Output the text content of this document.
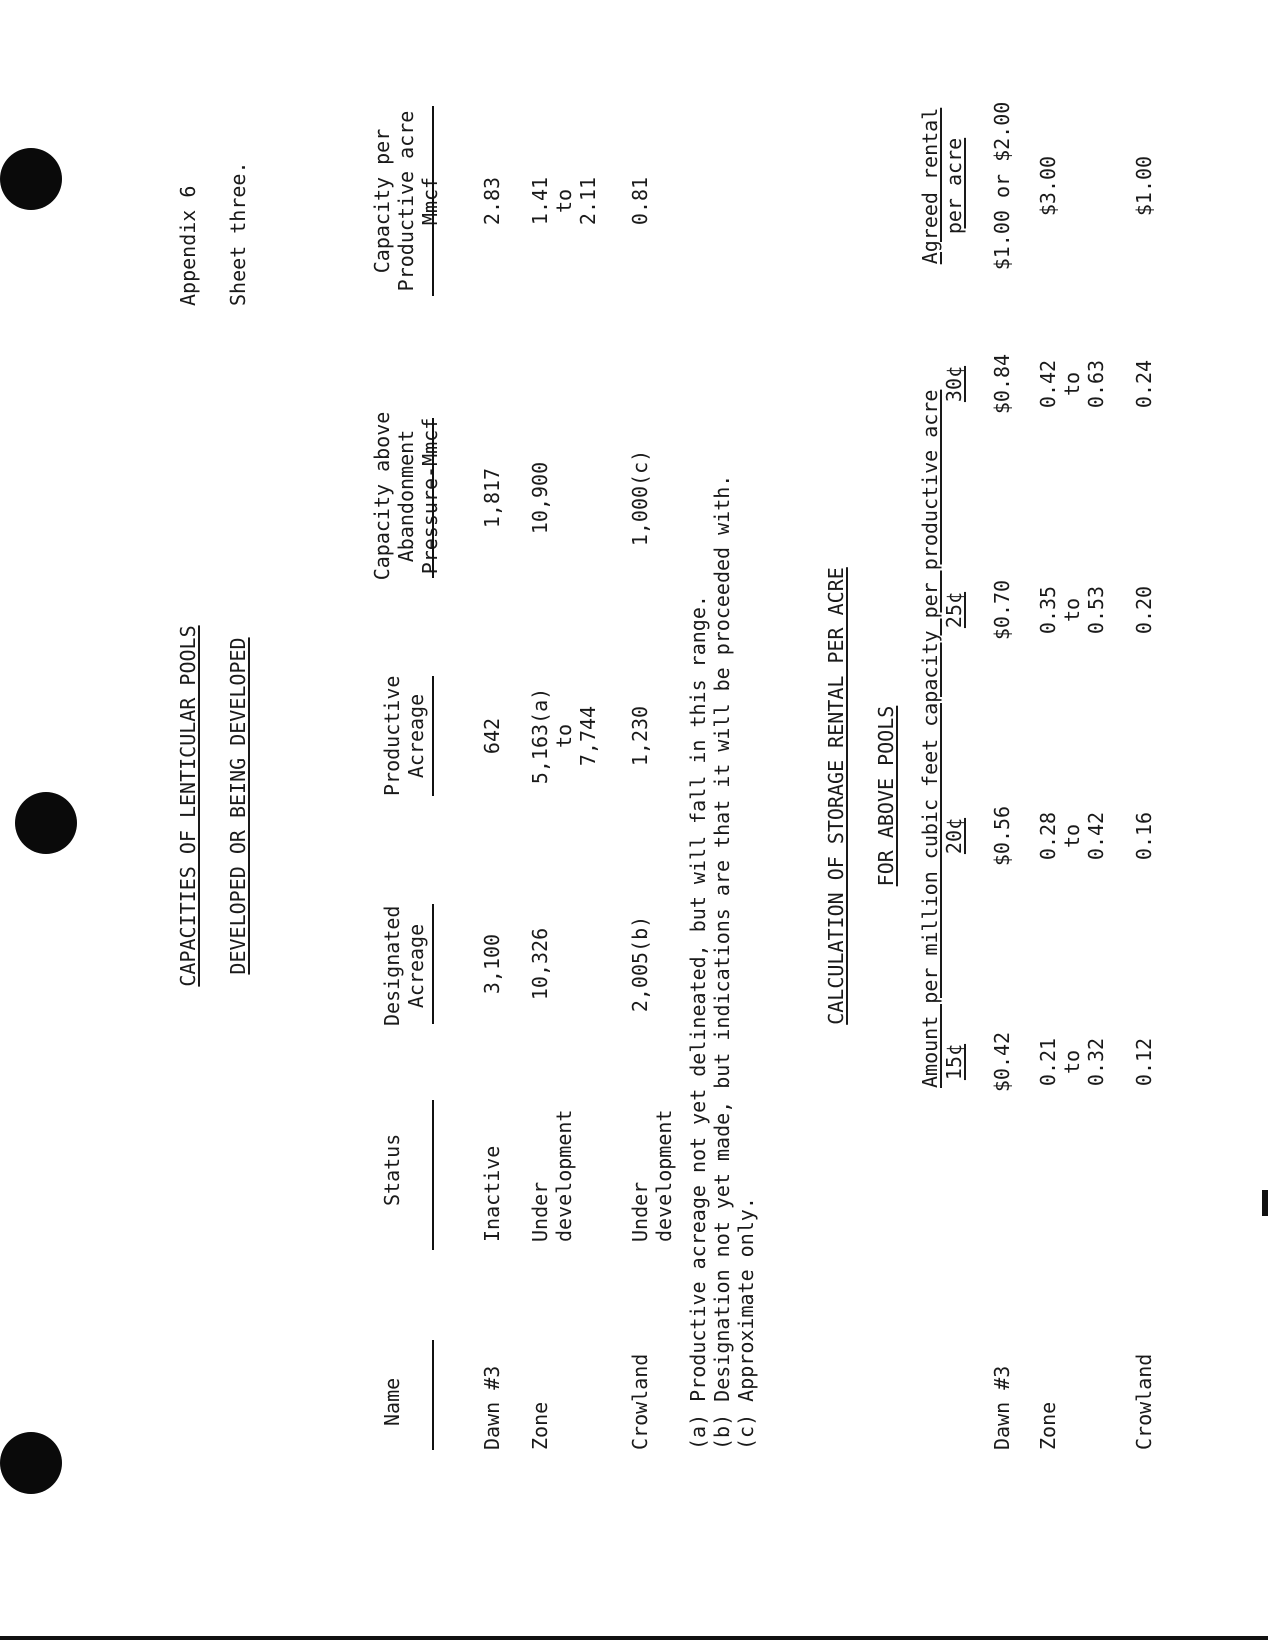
Appendix 6 Sheet three.
CAPACITIES OF LENTICULAR POOLS DEVELOPED OR BEING DEVELOPED
Name
Status
Designated Acreage
Productive Acreage
Capacity above Abandonment Pressure-Mmcf
Capacity per Productive acre Mmcf
Dawn #3
Inactive
3,100
642
1,817
2.83
Zone
Under development
10,326
5,163(a) to 7,744
10,900
1.41 to 2.11
Crowland
Under development
2,005(b)
1,230
1,000(c)
0.81
(a) Productive acreage not yet delineated, but will fall in this range. (b) Designation not yet made, but indications are that it will be proceeded with. (c) Approximate only.
CALCULATION OF STORAGE RENTAL PER ACRE FOR ABOVE POOLS Amount per million cubic feet capacity per productive acre 15¢
20¢
25¢
30¢
Agreed rental per acre
Dawn #3
$0.42
$0.56
$0.70
$0.84
$1.00 or $2.00
Zone
0.21 to 0.32
0.28 to 0.42
0.35 to 0.53
0.42 to 0.63
$3.00
Crowland
0.12
0.16
0.20
0.24
$1.00
